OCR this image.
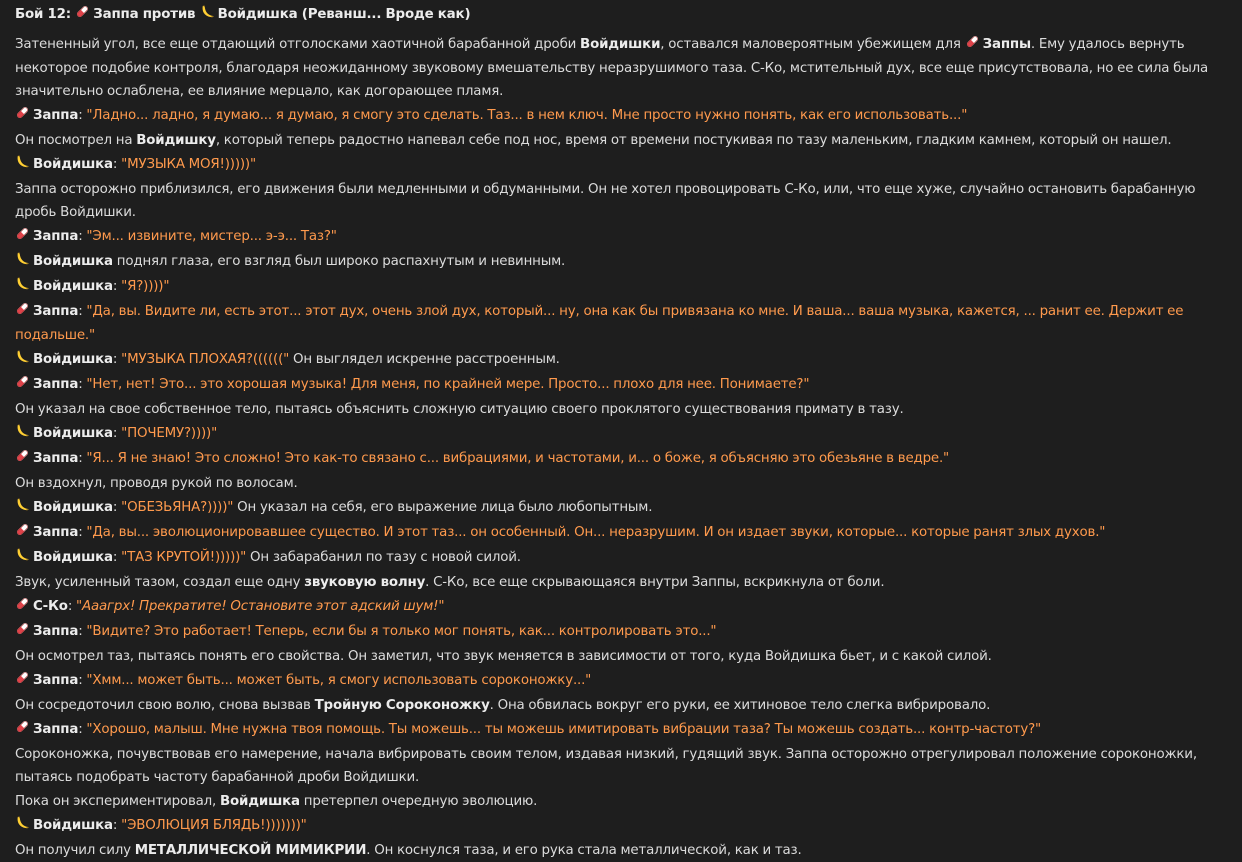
Бой 12: Заппа против Войдишка (Реванш... Вроде как)
Затененный угол, все еще отдающий отголосками хаотичной барабанной дроби Войдишки, оставался маловероятным убежищем для Заппы. Ему удалось вернуть некоторое подобие контроля, благодаря неожиданному звуковому вмешательству неразрушимого таза. С-Ко, мстительный дух, все еще присутствовала, но ее сила была значительно ослаблена, ее влияние мерцало, как догорающее пламя.
Заппа: "Ладно... ладно, я думаю... я думаю, я смогу это сделать. Таз... в нем ключ. Мне просто нужно понять, как его использовать..."
Он посмотрел на Войдишку, который теперь радостно напевал себе под нос, время от времени постукивая по тазу маленьким, гладким камнем, который он нашел.
Войдишка: "МУЗЫКА МОЯ!)))))"
Заппа осторожно приблизился, его движения были медленными и обдуманными. Он не хотел провоцировать С-Ко, или, что еще хуже, случайно остановить барабанную дробь Войдишки.
Заппа: "Эм... извините, мистер... э-э... Таз?"
Войдишка поднял глаза, его взгляд был широко распахнутым и невинным.
Войдишка: "Я?))))"
Заппа: "Да, вы. Видите ли, есть этот... этот дух, очень злой дух, который... ну, она как бы привязана ко мне. И ваша... ваша музыка, кажется, ... ранит ее. Держит ее подальше."
Войдишка: "МУЗЫКА ПЛОХАЯ?((((((" Он выглядел искренне расстроенным.
Заппа: "Нет, нет! Это... это хорошая музыка! Для меня, по крайней мере. Просто... плохо для нее. Понимаете?"
Он указал на свое собственное тело, пытаясь объяснить сложную ситуацию своего проклятого существования примату в тазу.
Войдишка: "ПОЧЕМУ?))))"
Заппа: "Я... Я не знаю! Это сложно! Это как-то связано с... вибрациями, и частотами, и... о боже, я объясняю это обезьяне в ведре."
Он вздохнул, проводя рукой по волосам.
Войдишка: "ОБЕЗЬЯНА?))))" Он указал на себя, его выражение лица было любопытным.
Заппа: "Да, вы... эволюционировавшее существо. И этот таз... он особенный. Он... неразрушим. И он издает звуки, которые... которые ранят злых духов."
Войдишка: "ТАЗ КРУТОЙ!)))))" Он забарабанил по тазу с новой силой.
Звук, усиленный тазом, создал еще одну звуковую волну. С-Ко, все еще скрывающаяся внутри Заппы, вскрикнула от боли.
С-Ко: "Ааагрх! Прекратите! Остановите этот адский шум!"
Заппа: "Видите? Это работает! Теперь, если бы я только мог понять, как... контролировать это..."
Он осмотрел таз, пытаясь понять его свойства. Он заметил, что звук меняется в зависимости от того, куда Войдишка бьет, и с какой силой.
Заппа: "Хмм... может быть... может быть, я смогу использовать сороконожку..."
Он сосредоточил свою волю, снова вызвав Тройную Сороконожку. Она обвилась вокруг его руки, ее хитиновое тело слегка вибрировало.
Заппа: "Хорошо, малыш. Мне нужна твоя помощь. Ты можешь... ты можешь имитировать вибрации таза? Ты можешь создать... контр-частоту?"
Сороконожка, почувствовав его намерение, начала вибрировать своим телом, издавая низкий, гудящий звук. Заппа осторожно отрегулировал положение сороконожки, пытаясь подобрать частоту барабанной дроби Войдишки.
Пока он экспериментировал, Войдишка претерпел очередную эволюцию.
Войдишка: "ЭВОЛЮЦИЯ БЛЯДЬ!)))))))"
Он получил силу МЕТАЛЛИЧЕСКОЙ МИМИКРИИ. Он коснулся таза, и его рука стала металлической, как и таз.
